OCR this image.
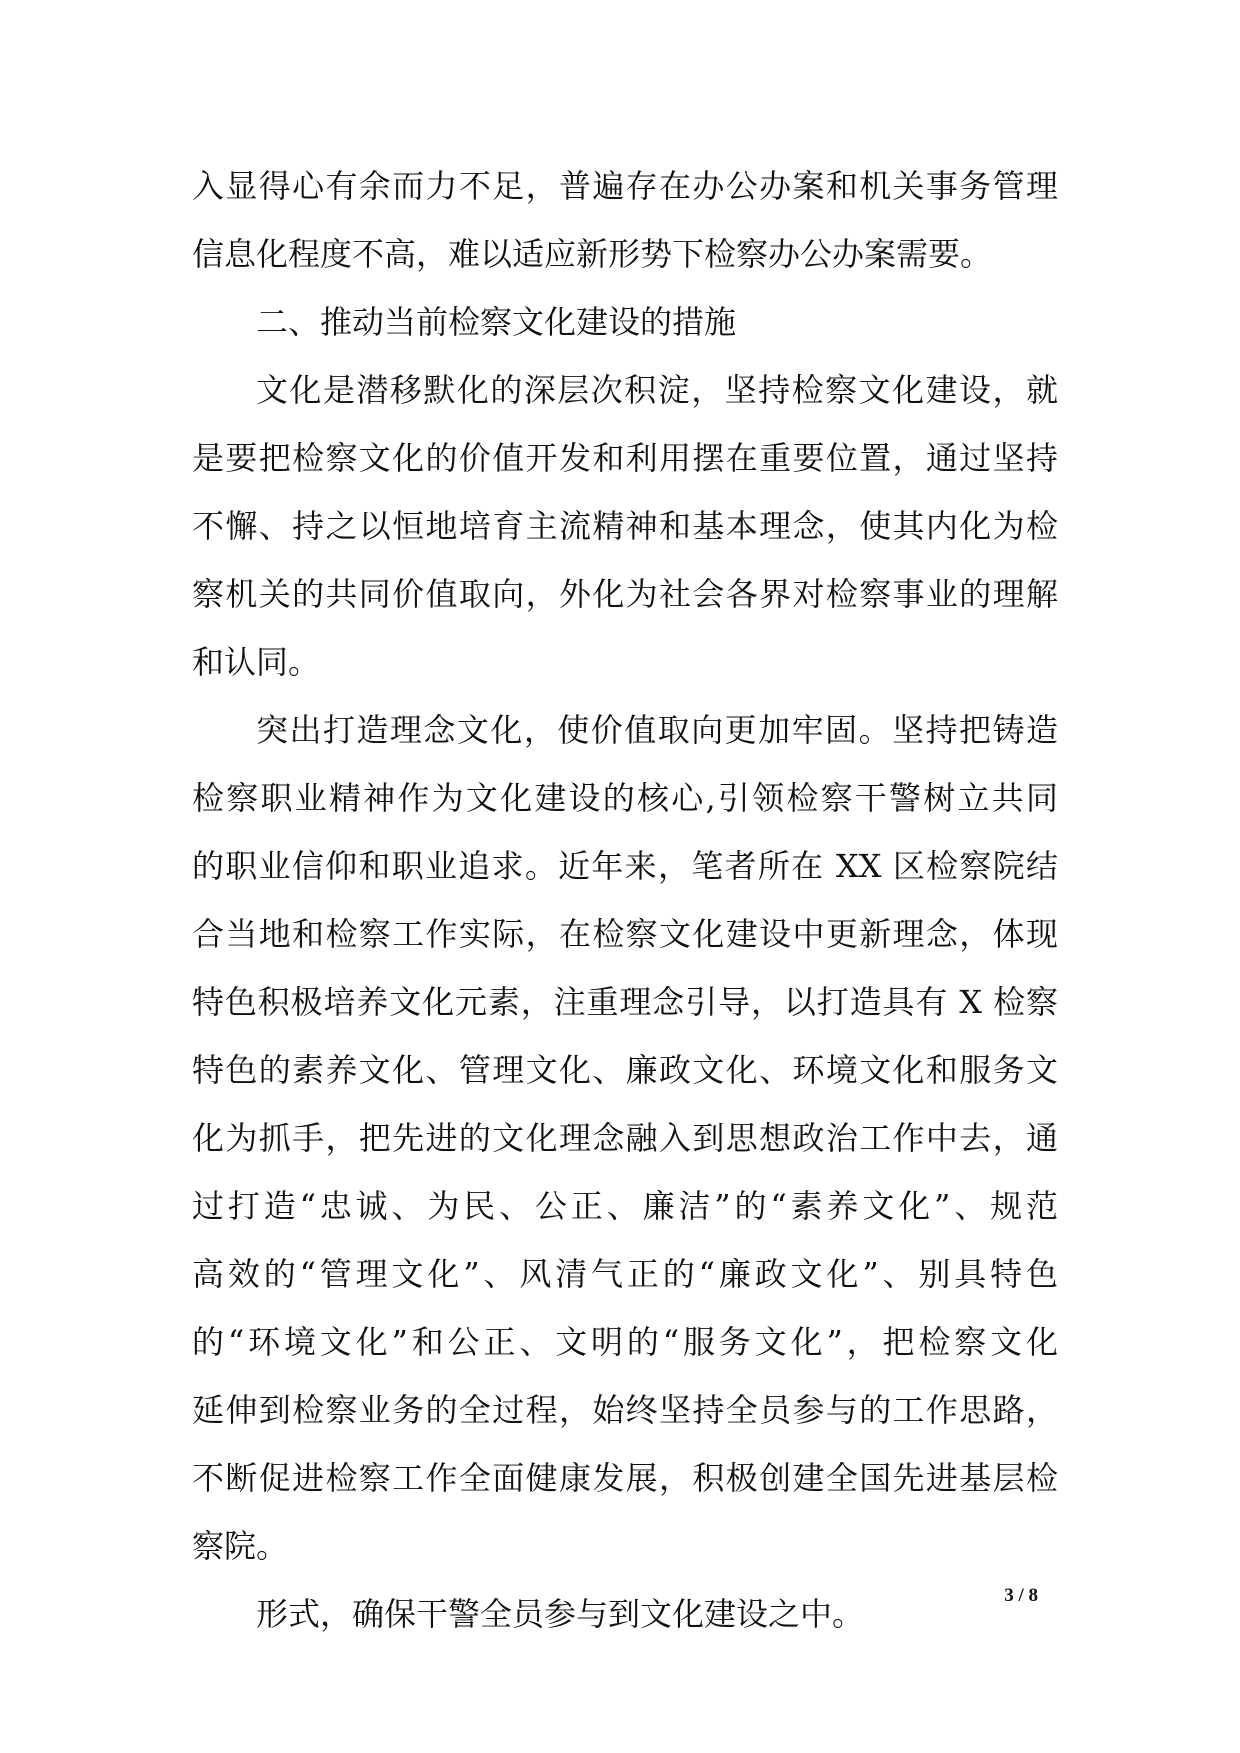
入显得心有余而力不足，普遍存在办公办案和机关事务管理
信息化程度不高，难以适应新形势下检察办公办案需要。
二、推动当前检察文化建设的措施
文化是潜移默化的深层次积淀，坚持检察文化建设，就
是要把检察文化的价值开发和利用摆在重要位置，通过坚持
不懈、持之以恒地培育主流精神和基本理念，使其内化为检
察机关的共同价值取向，外化为社会各界对检察事业的理解
和认同。
突出打造理念文化，使价值取向更加牢固。坚持把铸造
检察职业精神作为文化建设的核心,引领检察干警树立共同
的职业信仰和职业追求。近年来，笔者所在 XX 区检察院结
合当地和检察工作实际，在检察文化建设中更新理念，体现
特色积极培养文化元素，注重理念引导，以打造具有 X 检察
特色的素养文化、管理文化、廉政文化、环境文化和服务文
化为抓手，把先进的文化理念融入到思想政治工作中去，通
过打造“忠诚、为民、公正、廉洁”的“素养文化”、规范
高效的“管理文化”、风清气正的“廉政文化”、别具特色
的“环境文化”和公正、文明的“服务文化”，把检察文化
延伸到检察业务的全过程，始终坚持全员参与的工作思路，
不断促进检察工作全面健康发展，积极创建全国先进基层检
察院。
形式，确保干警全员参与到文化建设之中。	3 / 8
